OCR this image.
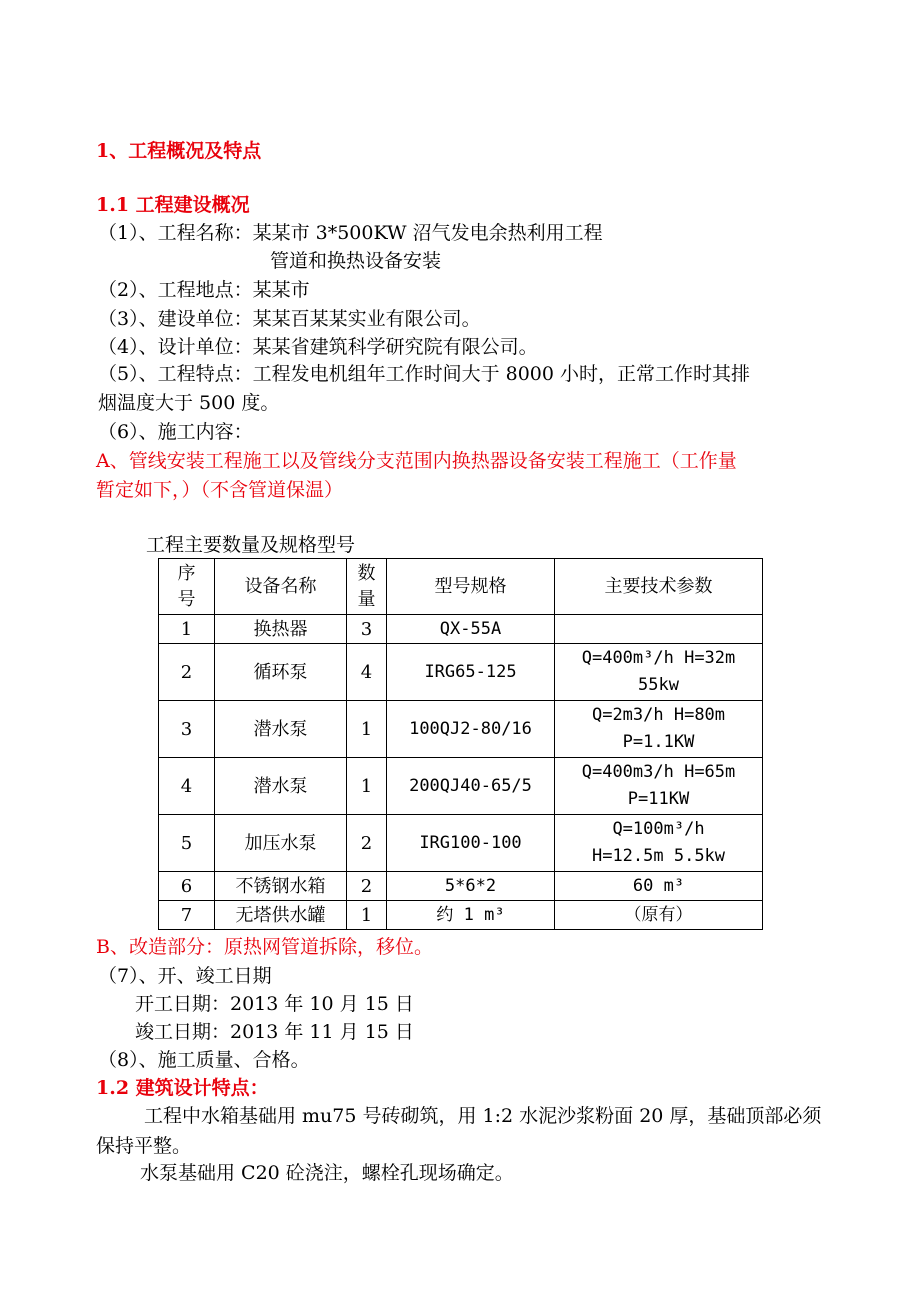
1、工程概况及特点
1.1 工程建设概况
（1）、工程名称：某某市 3*500KW 沼气发电余热利用工程
管道和换热设备安装
（2）、工程地点：某某市
（3）、建设单位：某某百某某实业有限公司。
（4）、设计单位：某某省建筑科学研究院有限公司。
（5）、工程特点：工程发电机组年工作时间大于 8000 小时，正常工作时其排
烟温度大于 500 度。
（6）、施工内容：
A、管线安装工程施工以及管线分支范围内换热器设备安装工程施工（工作量
暂定如下，）（不含管道保温）
工程主要数量及规格型号
序号	设备名称	数量	型号规格	主要技术参数
1	换热器	3	QX-55A	

2	循环泵	4	IRG65-125	Q=400m³/h H=32m
55kw

3	潜水泵	1	100QJ2-80/16	Q=2m3/h H=80m
P=1.1KW

4	潜水泵	1	200QJ40-65/5	Q=400m3/h H=65m
P=11KW

5	加压水泵	2	IRG100-100	Q=100m³/h
H=12.5m 5.5kw

6	不锈钢水箱	2	5*6*2	60 m³
7	无塔供水罐	1	约 1 m³	（原有）
B、改造部分：原热网管道拆除，移位。
（7）、开、竣工日期
开工日期：2013 年 10 月 15 日
竣工日期：2013 年 11 月 15 日
（8）、施工质量、合格。
1.2 建筑设计特点：
工程中水箱基础用 mu75 号砖砌筑，用 1:2 水泥沙浆粉面 20 厚，基础顶部必须保持平整。
水泵基础用 C20 砼浇注，螺栓孔现场确定。
